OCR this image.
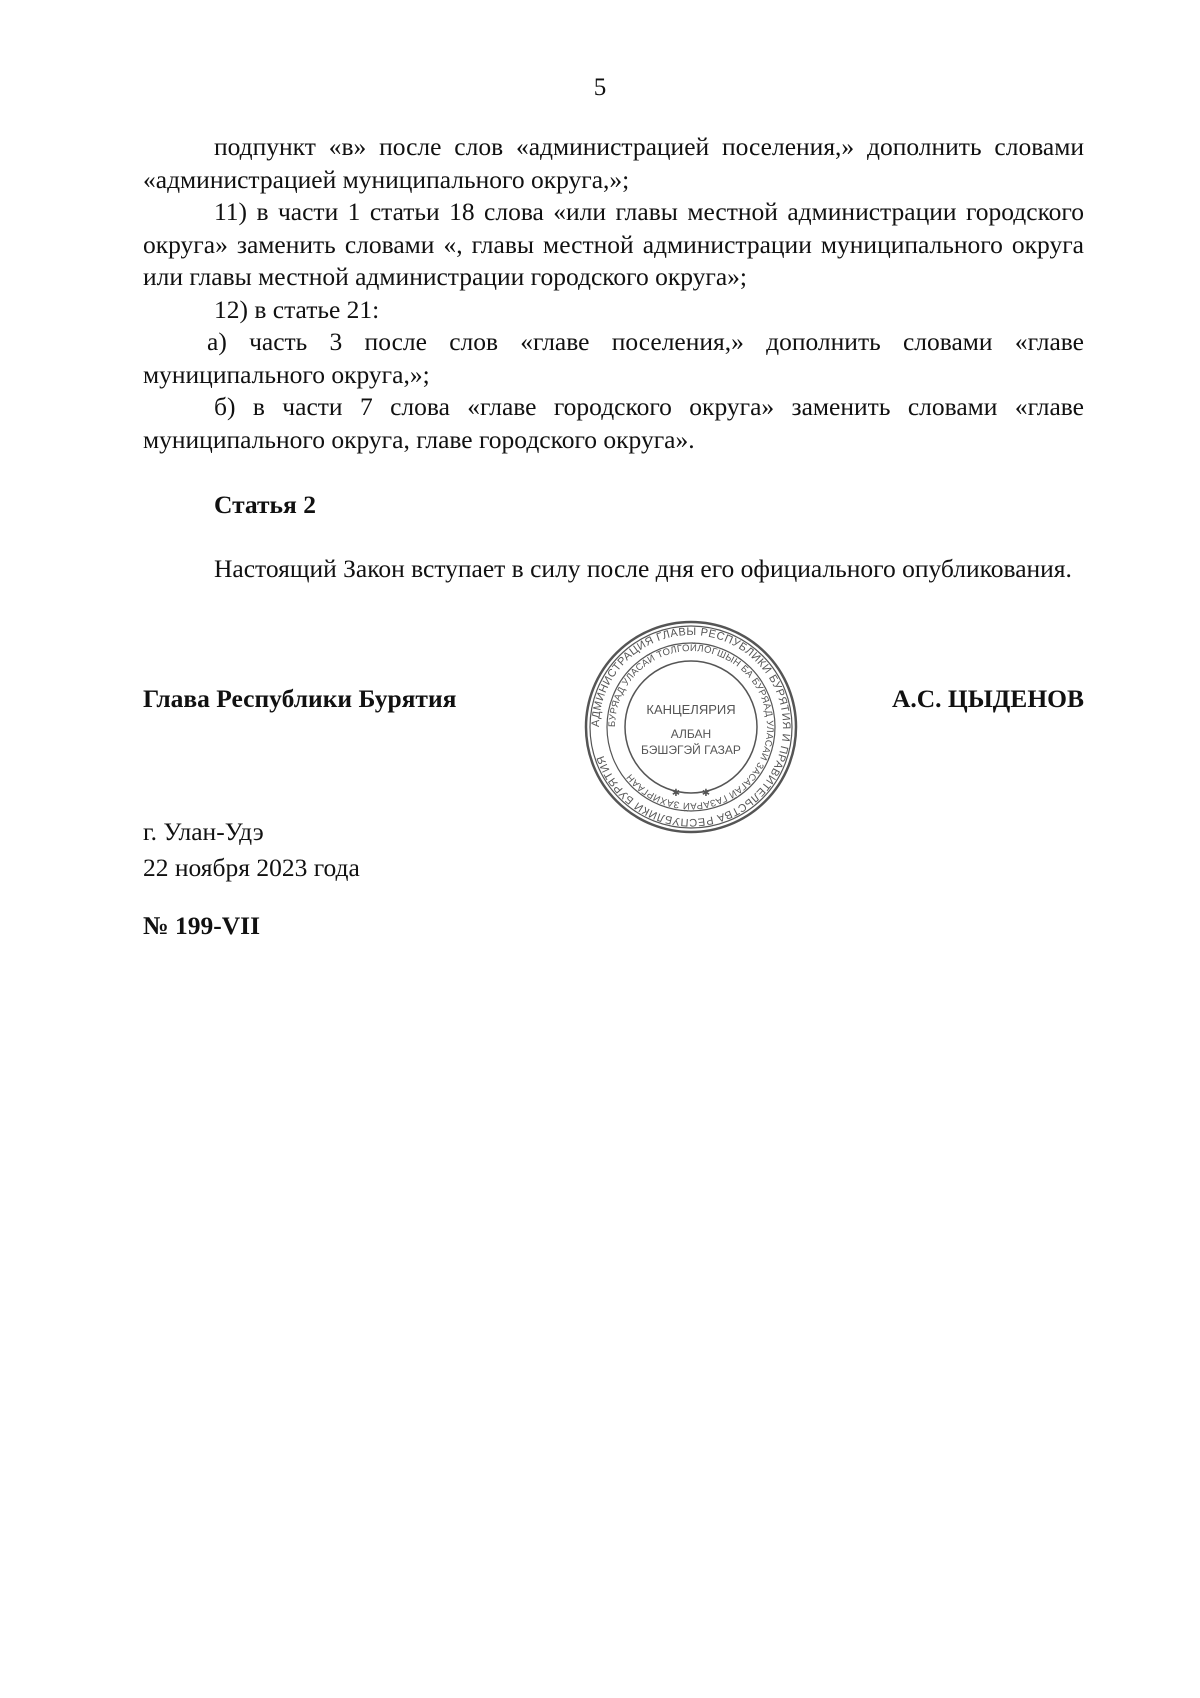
5

подпункт «в» после слов «администрацией поселения,» дополнить словами «администрацией муниципального округа,»;

11) в части 1 статьи 18 слова «или главы местной администрации городского округа» заменить словами «, главы местной администрации муниципального округа или главы местной администрации городского округа»;

12) в статье 21:

а) часть 3 после слов «главе поселения,» дополнить словами «главе муниципального округа,»;

б) в части 7 слова «главе городского округа» заменить словами «главе муниципального округа, главе городского округа».

Статья 2

Настоящий Закон вступает в силу после дня его официального опубликования.

Глава Республики Бурятия
АДМИНИСТРАЦИЯ ГЛАВЫ РЕСПУБЛИКИ БУРЯТИЯ И ПРАВИТЕЛЬСТВА РЕСПУБЛИКИ БУРЯТИЯ
БУРЯАД УЛАСАЙ ТОЛГОЙЛОГШЫН БА БУРЯАД УЛАСАЙ ЗАСАГАЙ ГАЗАРАЙ ЗАХИРГААН
КАНЦЕЛЯРИЯ
АЛБАН
БЭШЭГЭЙ ГАЗАР
✱ ✱
А.С. ЦЫДЕНОВ
г. Улан-Удэ
22 ноября 2023 года
№ 199-VII
